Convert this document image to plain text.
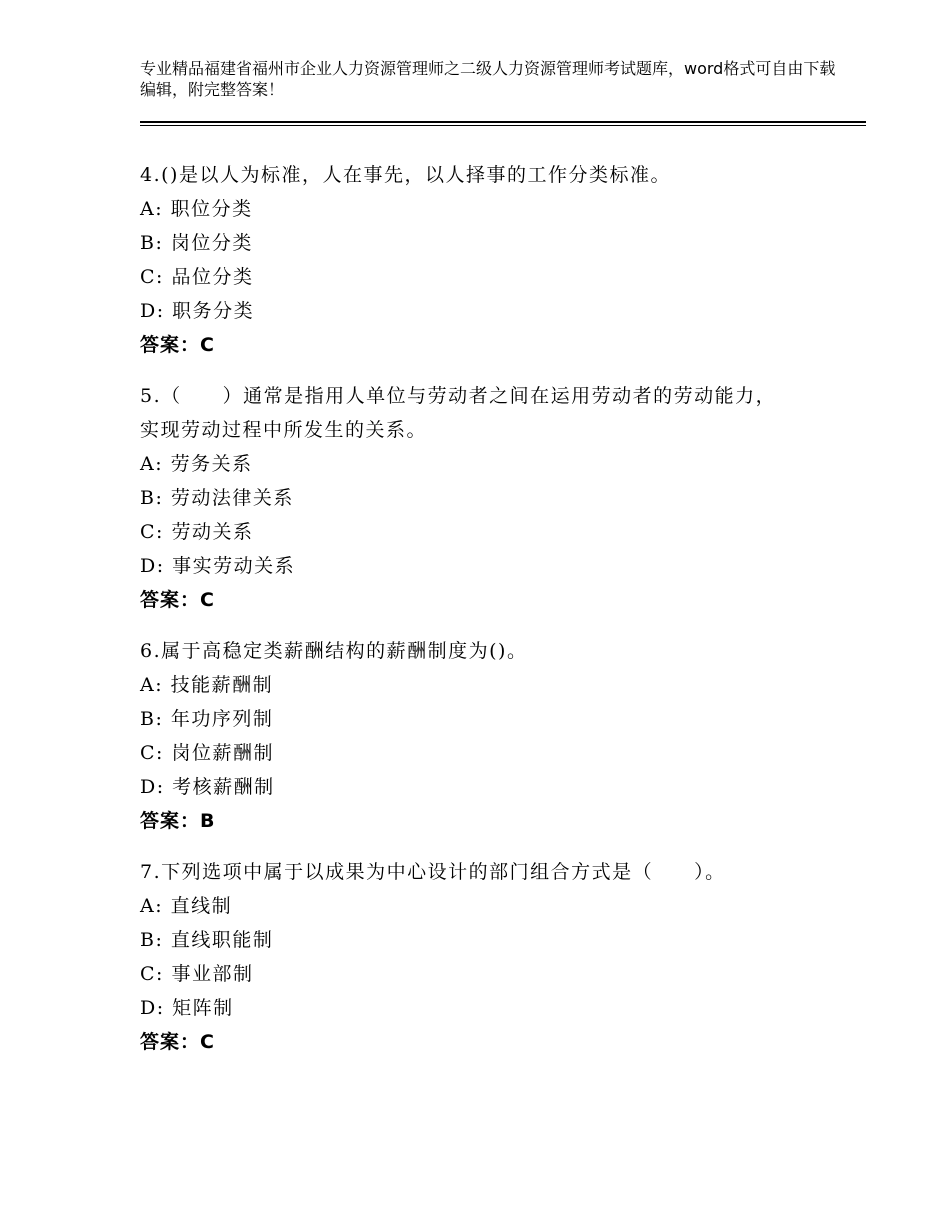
专业精品福建省福州市企业人力资源管理师之二级人力资源管理师考试题库，word格式可自由下载编辑，附完整答案！
4.()是以人为标准，人在事先，以人择事的工作分类标准。
A: 职位分类
B: 岗位分类
C: 品位分类
D: 职务分类
答案：C
5.（　　）通常是指用人单位与劳动者之间在运用劳动者的劳动能力，实现劳动过程中所发生的关系。
A: 劳务关系
B: 劳动法律关系
C: 劳动关系
D: 事实劳动关系
答案：C
6.属于高稳定类薪酬结构的薪酬制度为()。
A: 技能薪酬制
B: 年功序列制
C: 岗位薪酬制
D: 考核薪酬制
答案：B
7.下列选项中属于以成果为中心设计的部门组合方式是（　　）。
A: 直线制
B: 直线职能制
C: 事业部制
D: 矩阵制
答案：C
